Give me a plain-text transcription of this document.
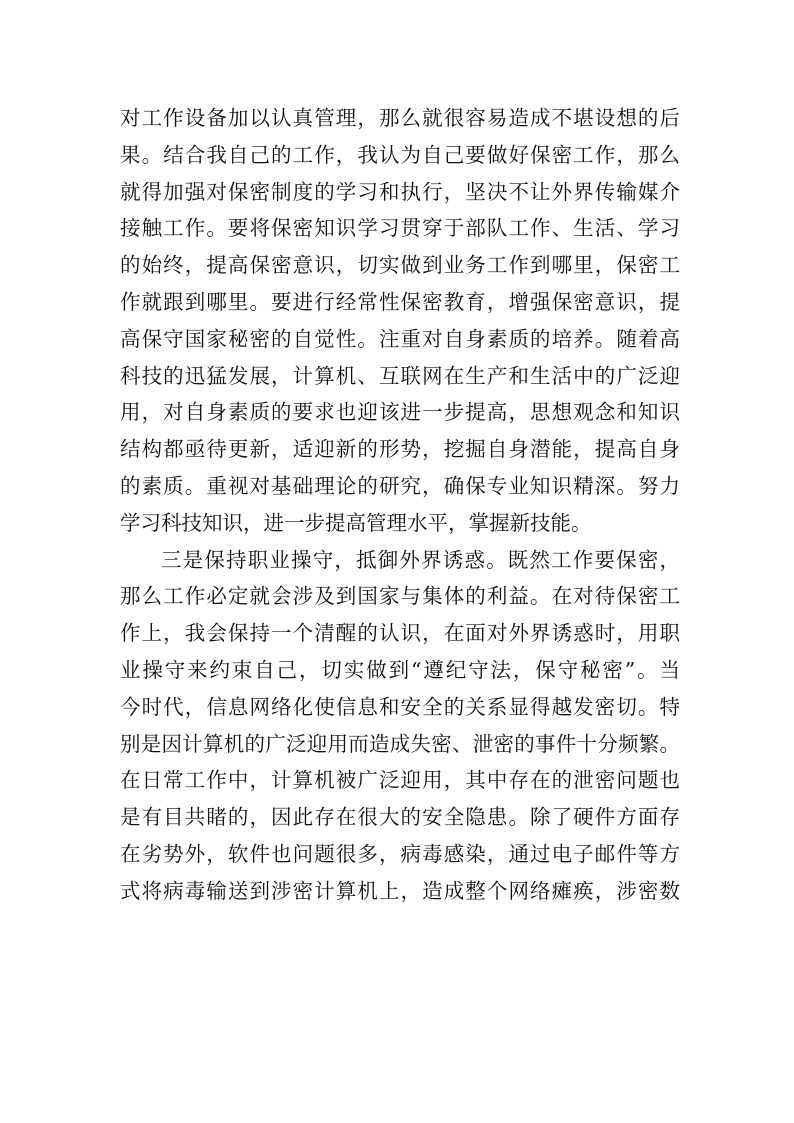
对工作设备加以认真管理，那么就很容易造成不堪设想的后
果。结合我自己的工作，我认为自己要做好保密工作，那么
就得加强对保密制度的学习和执行，坚决不让外界传输媒介
接触工作。要将保密知识学习贯穿于部队工作、生活、学习
的始终，提高保密意识，切实做到业务工作到哪里，保密工
作就跟到哪里。要进行经常性保密教育，增强保密意识，提
高保守国家秘密的自觉性。注重对自身素质的培养。随着高
科技的迅猛发展，计算机、互联网在生产和生活中的广泛迎
用，对自身素质的要求也迎该进一步提高，思想观念和知识
结构都亟待更新，适迎新的形势，挖掘自身潜能，提高自身
的素质。重视对基础理论的研究，确保专业知识精深。努力
学习科技知识，进一步提高管理水平，掌握新技能。
三是保持职业操守，抵御外界诱惑。既然工作要保密，
那么工作必定就会涉及到国家与集体的利益。在对待保密工
作上，我会保持一个清醒的认识，在面对外界诱惑时，用职
业操守来约束自己，切实做到“遵纪守法，保守秘密”。当
今时代，信息网络化使信息和安全的关系显得越发密切。特
别是因计算机的广泛迎用而造成失密、泄密的事件十分频繁。
在日常工作中，计算机被广泛迎用，其中存在的泄密问题也
是有目共睹的，因此存在很大的安全隐患。除了硬件方面存
在劣势外，软件也问题很多，病毒感染，通过电子邮件等方
式将病毒输送到涉密计算机上，造成整个网络瘫痪，涉密数
